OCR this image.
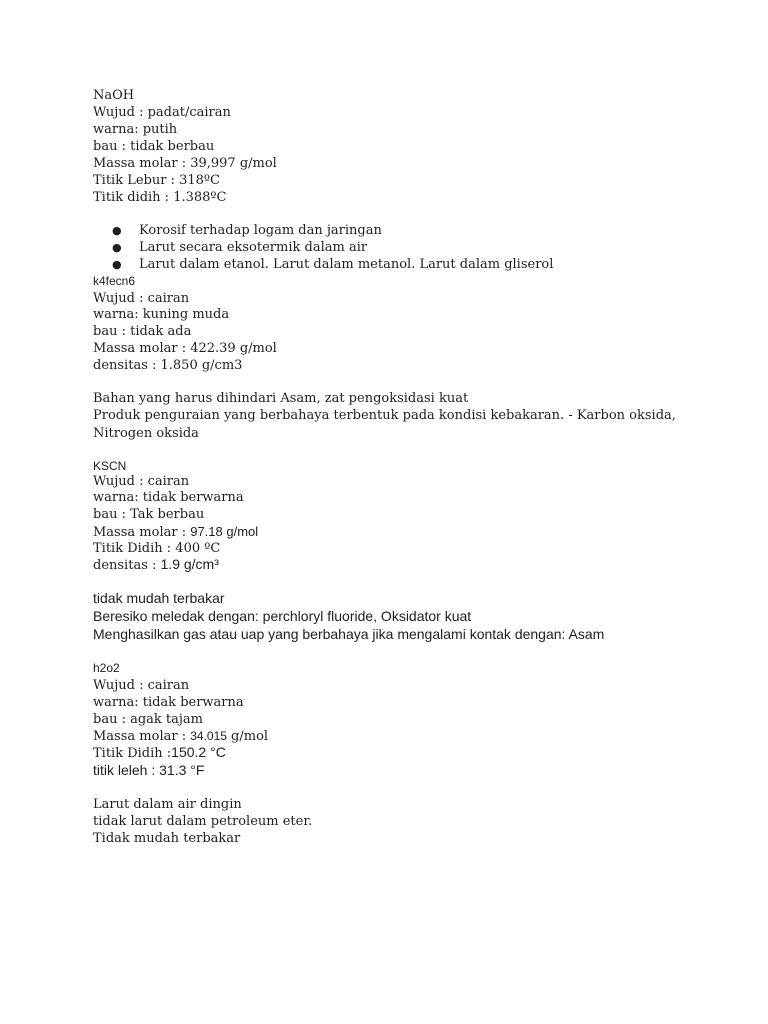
NaOH
Wujud : padat/cairan
warna: putih
bau : tidak berbau
Massa molar : 39,997 g/mol
Titik Lebur : 318ºC
Titik didih : 1.388ºC
● Korosif terhadap logam dan jaringan
● Larut secara eksotermik dalam air
● Larut dalam etanol. Larut dalam metanol. Larut dalam gliserol
k4fecn6
Wujud : cairan
warna: kuning muda
bau : tidak ada
Massa molar : 422.39 g/mol
densitas : 1.850 g/cm3
Bahan yang harus dihindari Asam, zat pengoksidasi kuat
Produk penguraian yang berbahaya terbentuk pada kondisi kebakaran. - Karbon oksida,
Nitrogen oksida
KSCN
Wujud : cairan
warna: tidak berwarna
bau : Tak berbau
Massa molar : 97.18 g/mol
Titik Didih : 400 ºC
densitas : 1.9 g/cm³
tidak mudah terbakar
Beresiko meledak dengan: perchloryl fluoride, Oksidator kuat
Menghasilkan gas atau uap yang berbahaya jika mengalami kontak dengan: Asam
h2o2
Wujud : cairan
warna: tidak berwarna
bau : agak tajam
Massa molar : 34.015 g/mol
Titik Didih :150.2 °C
titik leleh : 31.3 °F
Larut dalam air dingin
tidak larut dalam petroleum eter.
Tidak mudah terbakar
